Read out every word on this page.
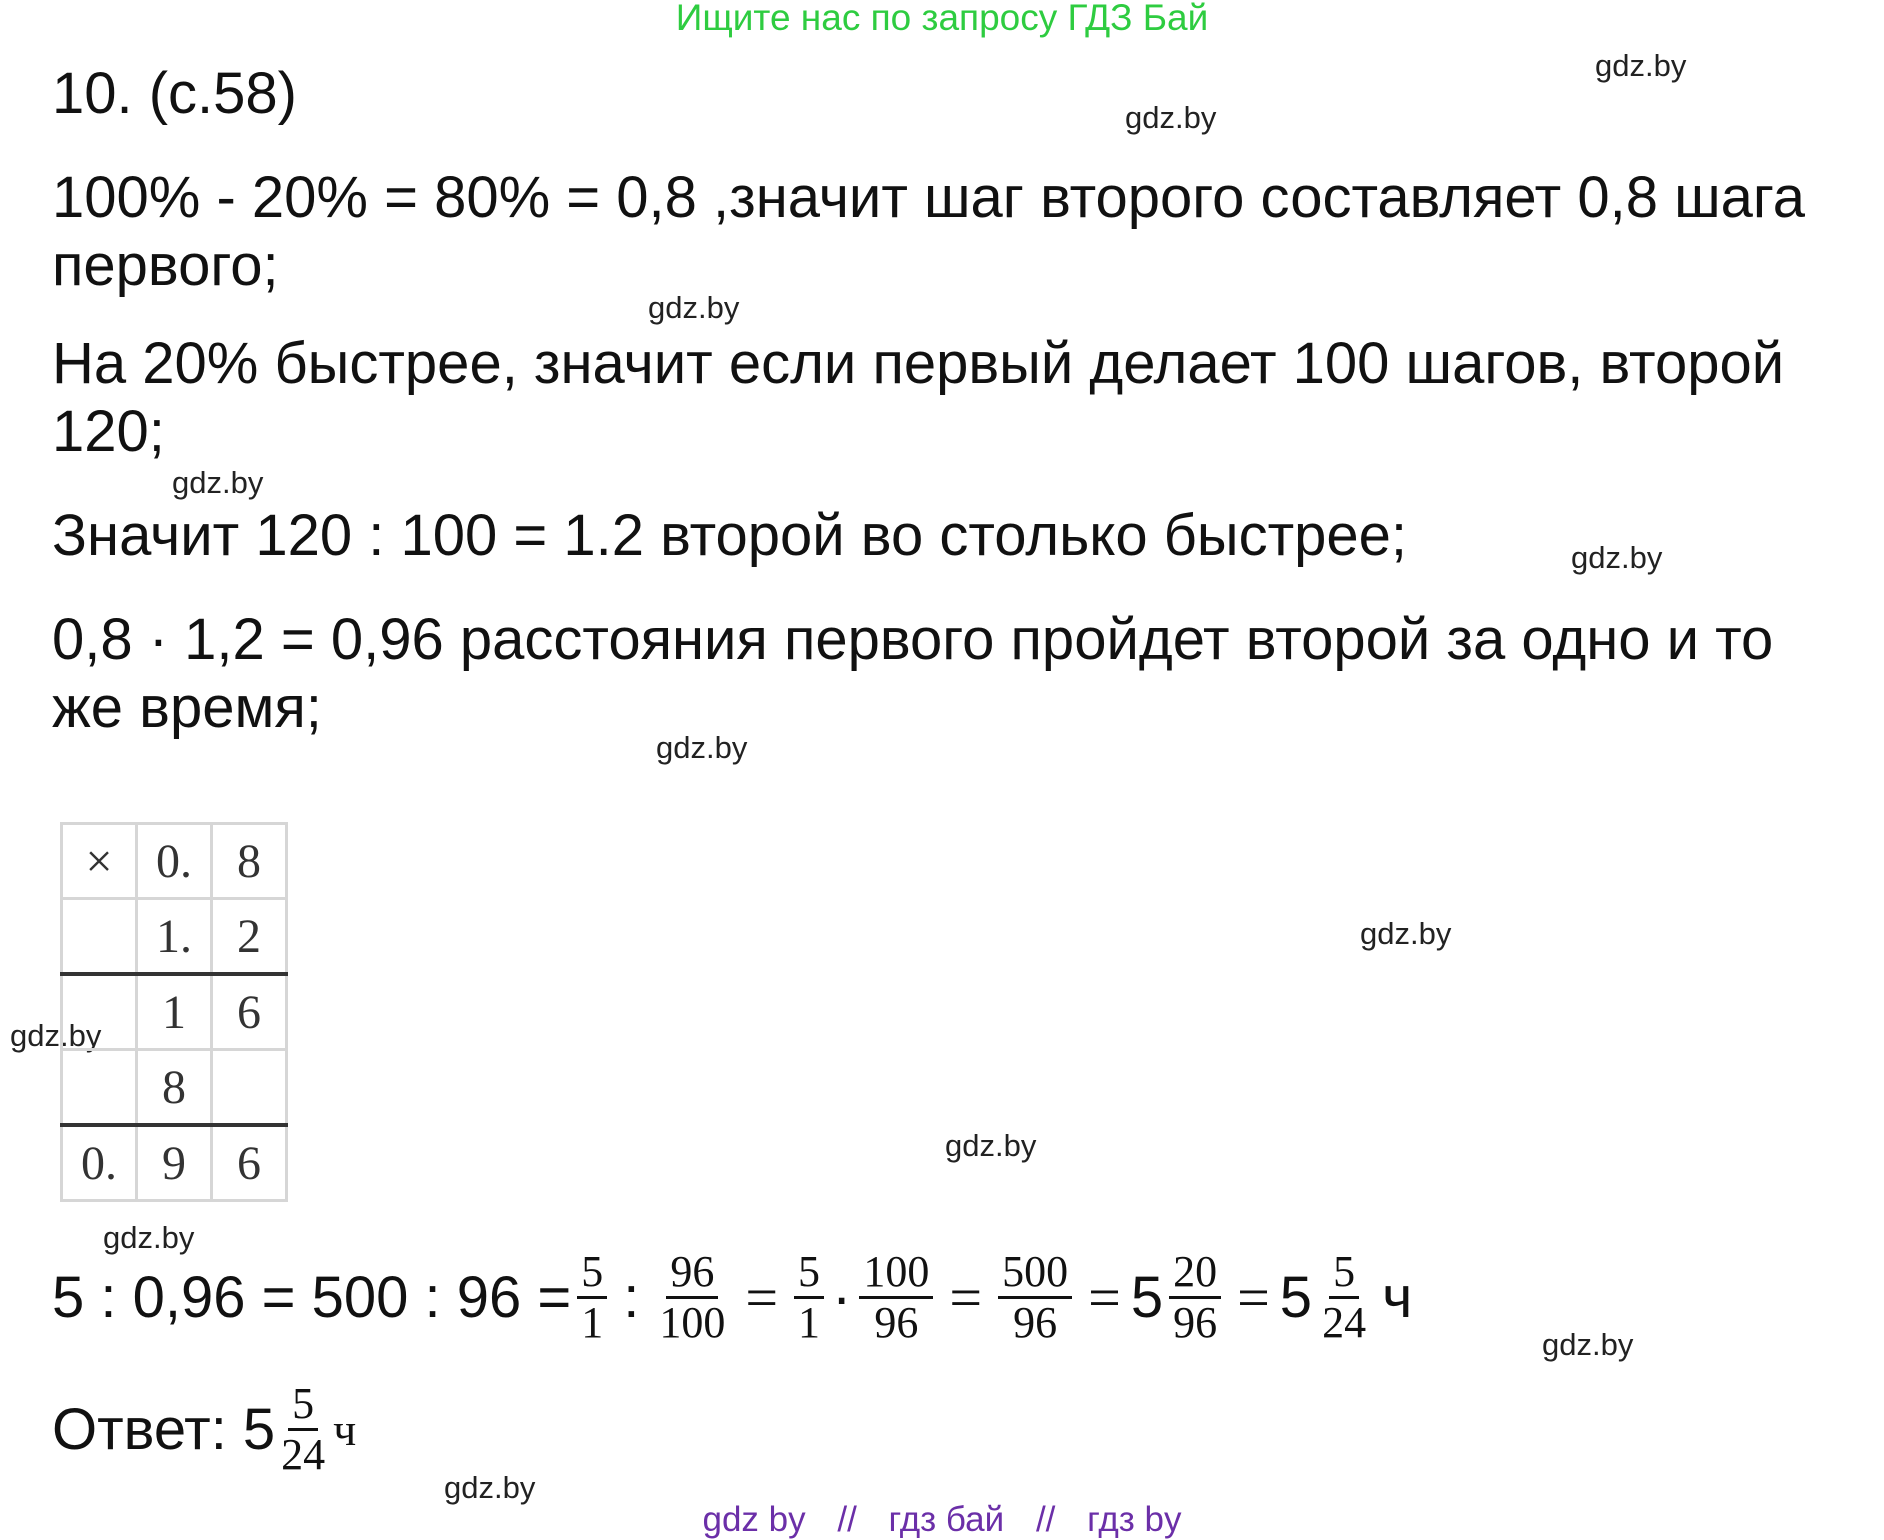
Ищите нас по запросу ГДЗ Бай
gdz.by
gdz.by
gdz.by
gdz.by
gdz.by
gdz.by
gdz.by
gdz.by
gdz.by
gdz.by
gdz.by
gdz.by
10. (с.58)
100% - 20% = 80% = 0,8 ,значит шаг второго составляет 0,8 шага первого;
На 20% быстрее, значит если первый делает 100 шагов, второй 120;
Значит 120 : 100 = 1.2 второй во столько быстрее;
0,8 · 1,2 = 0,96 расстояния первого пройдет второй за одно и то же время;
×	0.	8
	1.	2
	1	6
	8	
0.	9	6
5 : 0,96 = 500 : $96 = \frac{5}{1}$ : $\frac{96}{100} = \frac{5}{1} \cdot \frac{100}{96} = \frac{500}{96} = 5 \frac{20}{96} = 5 \frac{5}{24}$ ч
Ответ: $5 \frac{5}{24}$ ч
gdz by // гдз бай // гдз by
